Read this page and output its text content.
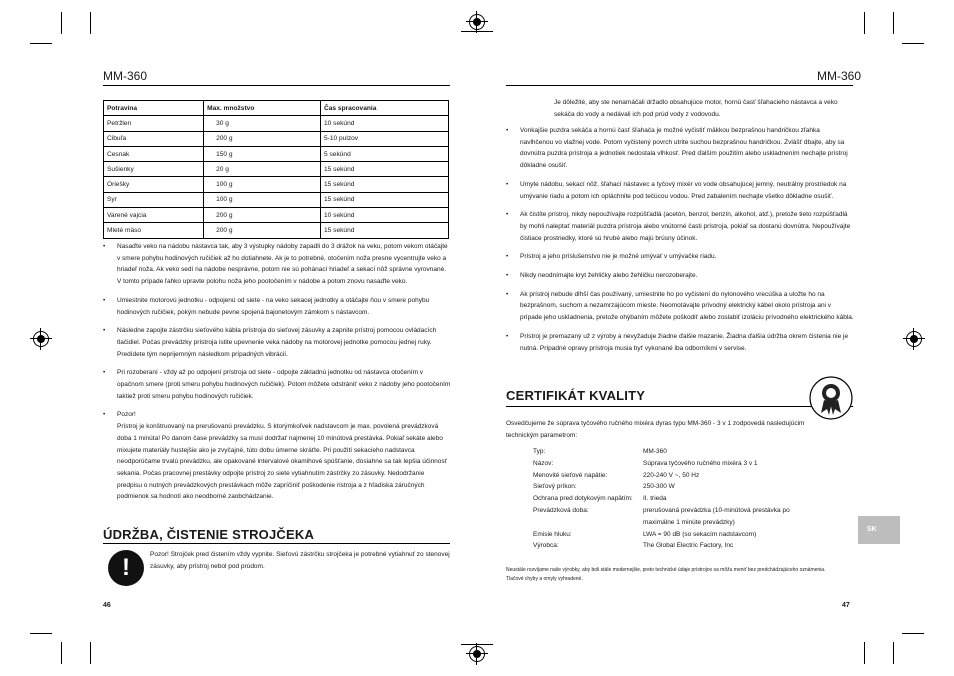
MM-360
Potravina	Max. množstvo	Čas spracovania
Petržlen	30 g	10 sekúnd
Cibuľa	200 g	5-10 pulzov
Cesnak	150 g	5 sekúnd
Sušienky	20 g	15 sekúnd
Oriešky	100 g	15 sekúnd
Syr	100 g	15 sekúnd
Varené vajcia	200 g	10 sekúnd
Mleté mäso	200 g	15 sekúnd
• Nasaďte veko na nádobu nástavca tak, aby 3 výstupky nádoby zapadli do 3 drážok na veku, potom vekom otáčajte v smere pohybu hodinových ručičiek až ho dotiahnete. Ak je to potrebné, otočením noža presne vycentrujte veko a hriadeľ noža. Ak veko sedí na nádobe nesprávne, potom nie sú pohánací hriadeľ a sekací nôž správne vyrovnané. V tomto prípade ľahko upravte polohu noža jeho pootočením v nádobe a potom znovu nasaďte veko.
• Umiestnite motorovú jednotku - odpojenú od siete - na veko sekacej jednotky a otáčajte ňou v smere pohybu hodinových ručičiek, pokým nebude pevne spojená bajonetovým zámkom s nástavcom.
• Následne zapojte zástrčku sieťového kábla prístroja do sieťovej zásuvky a zapnite prístroj pomocou ovládacích tlačidiel. Počas prevádzky prístroja istite upevnenie veka nádoby na motorovej jednotke pomocou jednej ruky. Predídete tým neprijemným následkom prípadných vibrácií.
• Pri rozoberaní - vždy až po odpojení prístroja od siete - odpojte základnú jednotku od nástavca otočením v opačnom smere (proti smeru pohybu hodinových ručičiek). Potom môžete odstrániť veko z nádoby jeho pootočením taktiež proti smeru pohybu hodinových ručičiek.
• Pozor!
Prístroj je konštruovaný na prerušovanú prevádzku. S ktorýmkoľvek nadstavcom je max. povolená prevádzková doba 1 minúta! Po danom čase prevádzky sa musí dodržať najmenej 10 minútová prestávka. Pokiaľ sekáte alebo mixujete materiály hustejšie ako je zvyčajné, túto dobu úmerne skráťte. Pri použití sekacieho nadstavca neodporúčame trvalú prevádzku, ale opakované intervalové okamihové spúšťanie, dosiahne sa tak lepšia účinnosť sekania. Počas pracovnej prestávky odpojte prístroj zo siete vytiahnutím zástrčky zo zásuvky. Nedodržanie predpisu o nutných prevádzkových prestávkach môže zapríčiniť poškodenie ristroja a z hľadiska záručných podmienok sa hodnotí ako neodborné zaobchádzanie.
ÚDRŽBA, ČISTENIE STROJČEKA
!	Pozor! Strojček pred čistením vždy vypnite. Sieťovú zástrčku strojčeka je potrebné vytiahnuť zo stenovej zásuvky, aby prístroj nebol pod prúdom.
46
MM-360
Je dôležité, aby ste nenamáčali držadlo obsahujúce motor, hornú časť šľahacieho nástavca a veko sekáča do vody a nedávali ich pod prúd vody z vodovodu.
• Vonkajšie puzdra sekáča a hornú časť šľahača je možné vyčistiť mäkkou bezprašnou handričkou zľahka navlhčenou vo vlažnej vode. Potom vyčistený povrch utrite suchou bezprašnou handričkou. Zvlášť dbajte, aby sa dovnútra puzdra prístroja a jednotiek nedostala vlhkosť. Pred ďalším použitím alebo uskladnením nechajte prístroj dôkladne osušiť.
• Umyte nádobu, sekací nôž, šľahací nástavec a tyčový mixér vo vode obsahujúcej jemný, neutrálny prostriedok na umývanie riadu a potom ich opláchnite pod tečúcou vodou. Pred zabalením nechajte všetko dôkladne osušiť.
• Ak čistíte prístroj, nikdy nepoužívajte rozpúšťadlá (acetón, benzol, benzín, alkohol, atď.), pretože tieto rozpúšťadlá by mohli naleptať materiál puzdra prístroja alebo vnútorné časti prístroja, pokiaľ sa dostanú dovnútra. Nepoužívajte čistiace prostriedky, ktoré sú hrubé alebo majú brúsny účinok.
• Prístroj a jeho príslušenstvo nie je možné umývať v umývačke riadu.
• Nikdy neodnímajte kryt žehličky alebo žehličku nerozoberajte.
• Ak prístroj nebude dlhší čas používaný, umiestnite ho po vyčistení do nylonového vrecúška a uložte ho na bezprašnom, suchom a nezamrzajúcom mieste. Neomotávajte prívodný elektrický kábel okolo prístroja ani v prípade jeho uskladnenia, pretože ohýbaním môžete poškodiť alebo zoslabiť izoláciu prívodného elektrického kábla.
• Prístroj je premazaný už z výroby a nevyžaduje žiadne ďalšie mazanie. Žiadna ďalšia údržba okrem čistenia nie je nutná. Prípadné opravy prístroja musia byť vykonané iba odborníkmi v servise.
CERTIFIKÁT KVALITY
Osvedčujeme že súprava tyčového ručného mixéra dyras typu MM-360 - 3 v 1 zodpovedá nasledujúcim technickým parametrom:
Typ:	MM-360
Názov:	Súprava tyčového ručného mixéra 3 v 1
Menovité sieťové napätie:	220-240 V ~, 50 Hz
Sieťový príkon:	250-300 W
Ochrana pred dotykovým napätím:	II. trieda
Prevádzková doba:	prerušovaná prevádzka (10-minútová prestávka po
maximálne 1 minúte prevádzky)
Emisie hluku:	LWA = 90 dB (so sekacím nadstavcom)
Výrobca:	The Global Electric Factory, Inc
SK
Neustále rozvíjame naše výrobky, aby boli stále modernejšie, preto technické údaje prístrojov sa môžu meniť bez predchádzajúceho oznámenia. Tlačové chyby a omyly vyhradené.
47
